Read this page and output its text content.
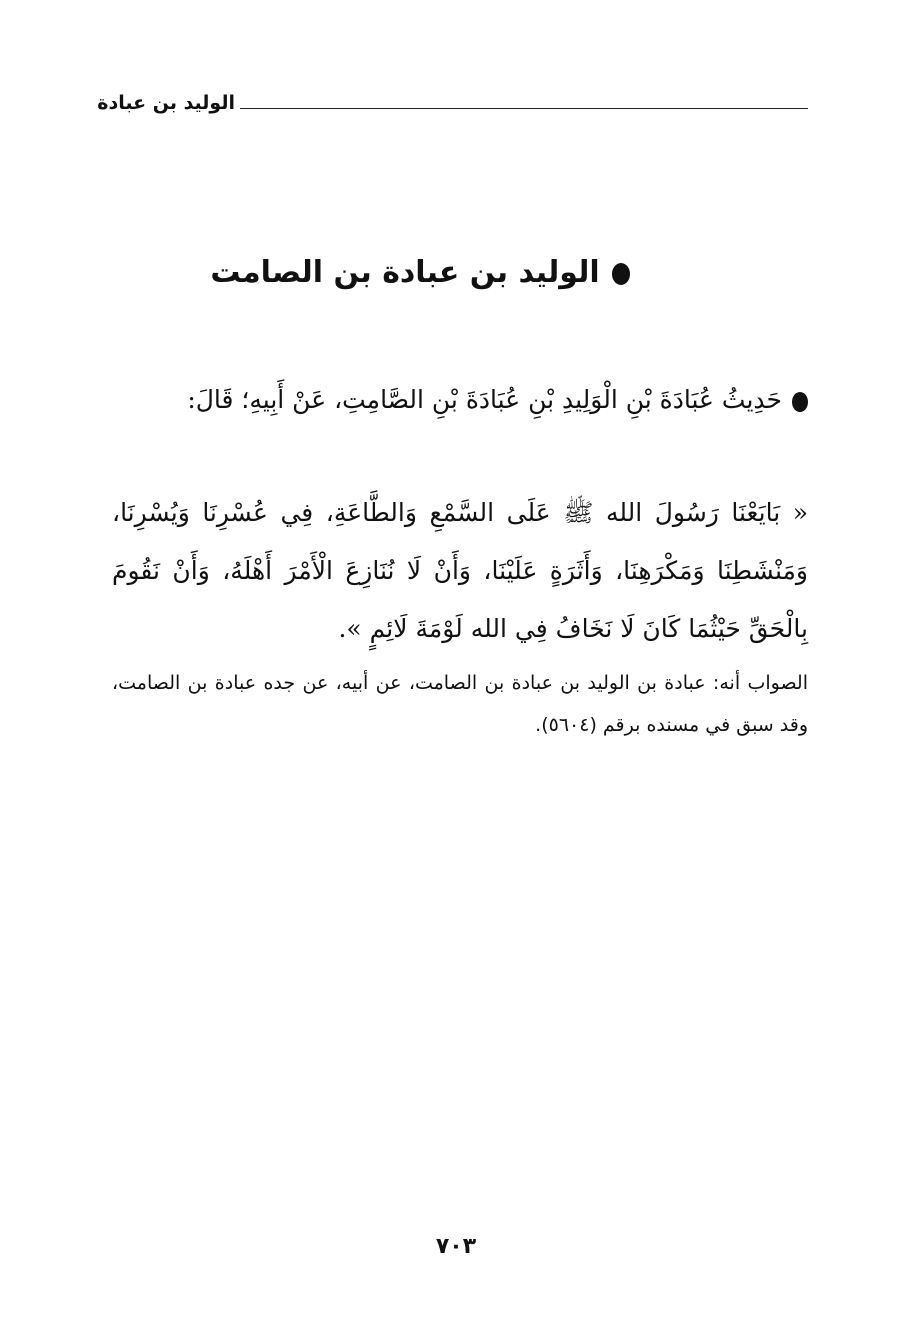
الوليد بن عبادة
الوليد بن عبادة بن الصامت
حَدِيثُ عُبَادَةَ بْنِ الْوَلِيدِ بْنِ عُبَادَةَ بْنِ الصَّامِتِ، عَنْ أَبِيهِ؛ قَالَ:
« بَايَعْنَا رَسُولَ الله ﷺ عَلَى السَّمْعِ وَالطَّاعَةِ، فِي عُسْرِنَا وَيُسْرِنَا، وَمَنْشَطِنَا وَمَكْرَهِنَا، وَأَثَرَةٍ عَلَيْنَا، وَأَنْ لَا نُنَازِعَ الْأَمْرَ أَهْلَهُ، وَأَنْ نَقُومَ بِالْحَقِّ حَيْثُمَا كَانَ لَا نَخَافُ فِي الله لَوْمَةَ لَائِمٍ ».
الصواب أنه: عبادة بن الوليد بن عبادة بن الصامت، عن أبيه، عن جده عبادة بن الصامت، وقد سبق في مسنده برقم (٥٦٠٤).
٧٠٣
